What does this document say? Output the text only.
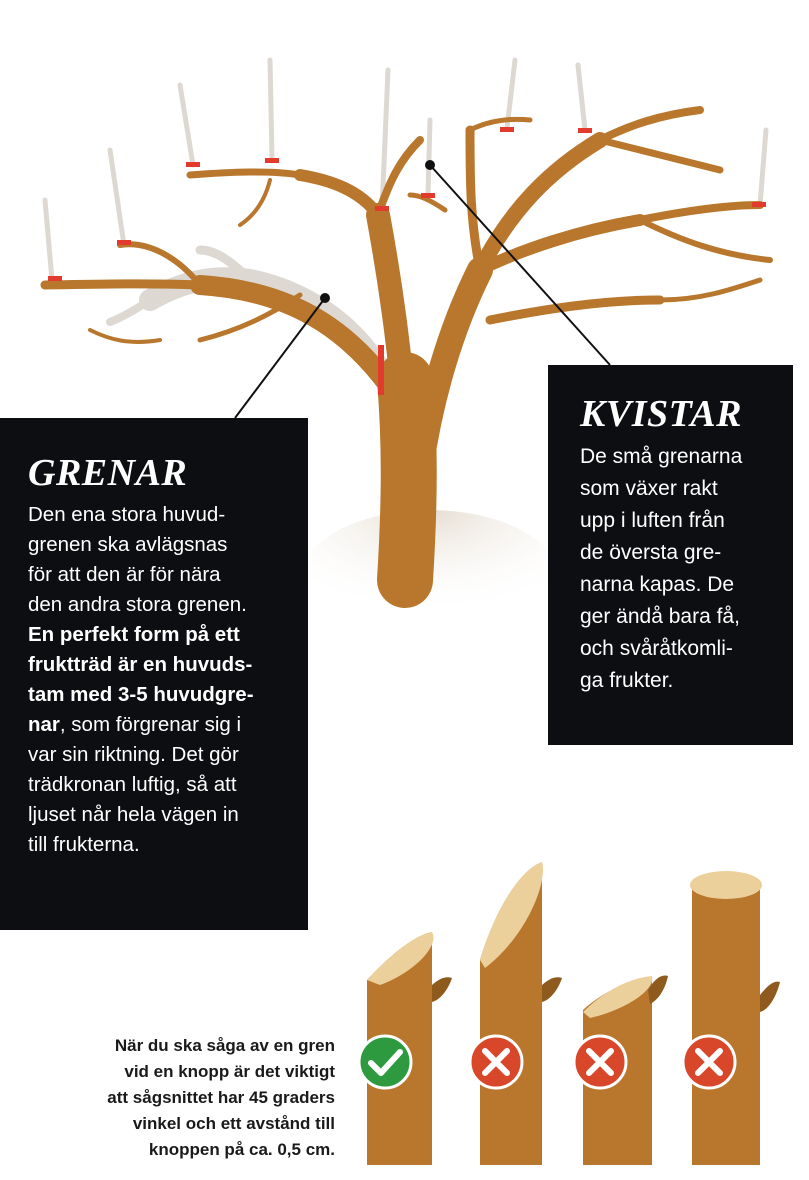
GRENAR

Den ena stora huvud-
grenen ska avlägsnas
för att den är för nära
den andra stora grenen.
En perfekt form på ett
fruktträd är en huvuds-
tam med 3-5 huvudgre-
nar, som förgrenar sig i
var sin riktning. Det gör
trädkronan luftig, så att
ljuset når hela vägen in
till frukterna.

KVISTAR

De små grenarna
som växer rakt
upp i luften från
de översta gre-
narna kapas. De
ger ändå bara få,
och svåråtkomli-
ga frukter.

När du ska såga av en gren
vid en knopp är det viktigt
att sågsnittet har 45 graders
vinkel och ett avstånd till
knoppen på ca. 0,5 cm.
